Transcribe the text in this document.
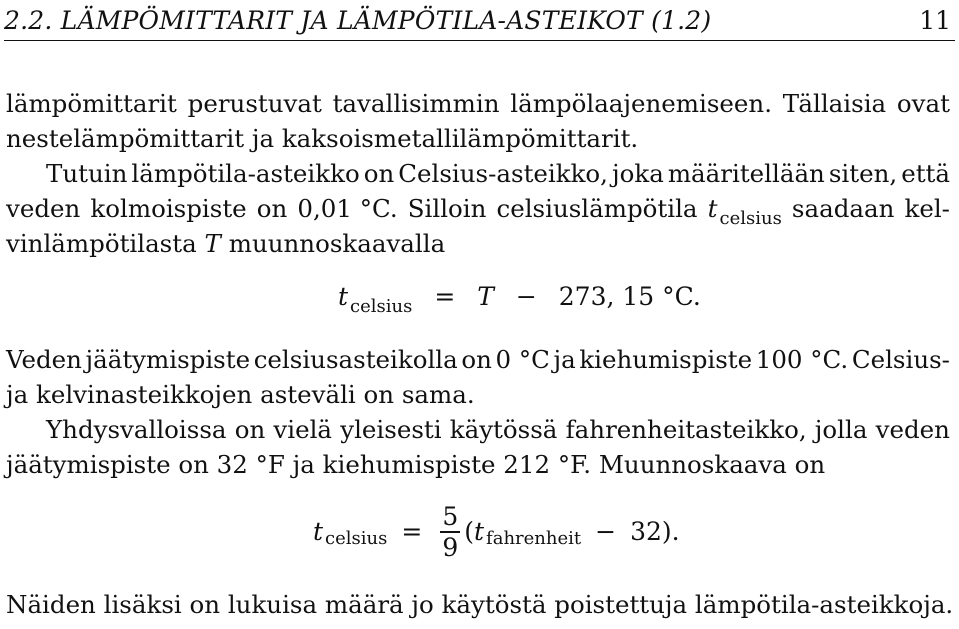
2.2. LÄMPÖMITTARIT JA LÄMPÖTILA-ASTEIKOT (1.2)	11
lämpömittarit perustuvat tavallisimmin lämpölaajenemiseen. Tällaisia ovat
nestelämpömittarit ja kaksoismetallilämpömittarit.
Tutuin lämpötila-asteikko on Celsius-asteikko, joka määritellään siten, että
veden kolmoispiste on 0,01 °C. Silloin celsiuslämpötila t $_{celsius}$ saadaan kel-
vinlämpötilasta T muunnoskaavalla
t $_{celsius}$ = T − 273, 15 °C.
Veden jäätymispiste celsiusasteikolla on 0 °C ja kiehumispiste 100 °C. Celsius-
ja kelvinasteikkojen asteväli on sama.
Yhdysvalloissa on vielä yleisesti käytössä fahrenheitasteikko, jolla veden
jäätymispiste on 32 °F ja kiehumispiste 212 °F. Muunnoskaava on
t celsius = $\frac{5}{9}$ ( t fahrenheit − 32).
Näiden lisäksi on lukuisa määrä jo käytöstä poistettuja lämpötila-asteikkoja.
